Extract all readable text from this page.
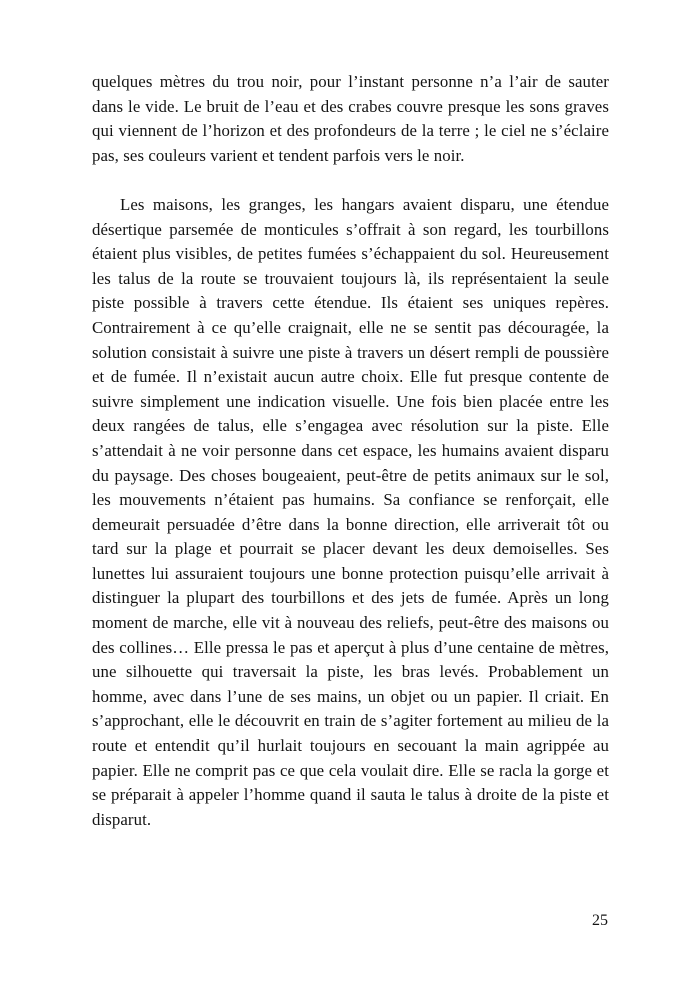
quelques mètres du trou noir, pour l’instant personne n’a l’air de sauter dans le vide. Le bruit de l’eau et des crabes couvre presque les sons graves qui viennent de l’horizon et des profondeurs de la terre ; le ciel ne s’éclaire pas, ses couleurs varient et tendent parfois vers le noir.

Les maisons, les granges, les hangars avaient disparu, une étendue désertique parsemée de monticules s’offrait à son regard, les tourbillons étaient plus visibles, de petites fumées s’échappaient du sol. Heureusement les talus de la route se trouvaient toujours là, ils représentaient la seule piste possible à travers cette étendue. Ils étaient ses uniques repères. Contrairement à ce qu’elle craignait, elle ne se sentit pas découragée, la solution consistait à suivre une piste à travers un désert rempli de poussière et de fumée. Il n’existait aucun autre choix. Elle fut presque contente de suivre simplement une indication visuelle. Une fois bien placée entre les deux rangées de talus, elle s’engagea avec résolution sur la piste. Elle s’attendait à ne voir personne dans cet espace, les humains avaient disparu du paysage. Des choses bougeaient, peut-être de petits animaux sur le sol, les mouvements n’étaient pas humains. Sa confiance se renforçait, elle demeurait persuadée d’être dans la bonne direction, elle arriverait tôt ou tard sur la plage et pourrait se placer devant les deux demoiselles. Ses lunettes lui assuraient toujours une bonne protection puisqu’elle arrivait à distinguer la plupart des tourbillons et des jets de fumée. Après un long moment de marche, elle vit à nouveau des reliefs, peut-être des maisons ou des collines… Elle pressa le pas et aperçut à plus d’une centaine de mètres, une silhouette qui traversait la piste, les bras levés. Probablement un homme, avec dans l’une de ses mains, un objet ou un papier. Il criait. En s’approchant, elle le découvrit en train de s’agiter fortement au milieu de la route et entendit qu’il hurlait toujours en secouant la main agrippée au papier. Elle ne comprit pas ce que cela voulait dire. Elle se racla la gorge et se préparait à appeler l’homme quand il sauta le talus à droite de la piste et disparut.

25
